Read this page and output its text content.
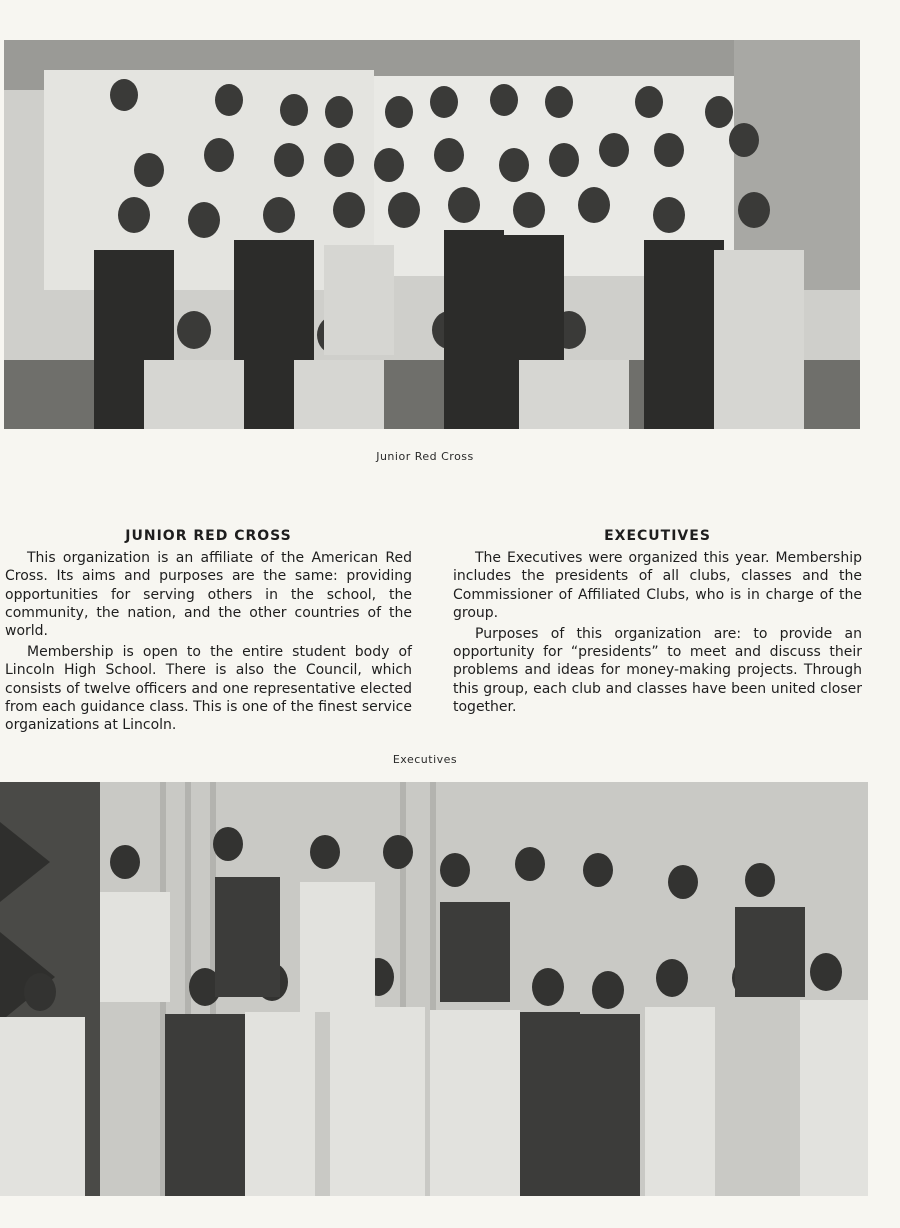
Junior Red Cross
JUNIOR RED CROSS

This organization is an affiliate of the American Red Cross. Its aims and purposes are the same: providing opportunities for serving others in the school, the community, the nation, and the other countries of the world.

Membership is open to the entire student body of Lincoln High School. There is also the Council, which consists of twelve officers and one representative elected from each guidance class. This is one of the finest service organizations at Lincoln.

EXECUTIVES

The Executives were organized this year. Membership includes the presidents of all clubs, classes and the Commissioner of Affiliated Clubs, who is in charge of the group.

Purposes of this organization are: to provide an opportunity for “presidents” to meet and discuss their problems and ideas for money-making projects. Through this group, each club and classes have been united closer together.

Executives
